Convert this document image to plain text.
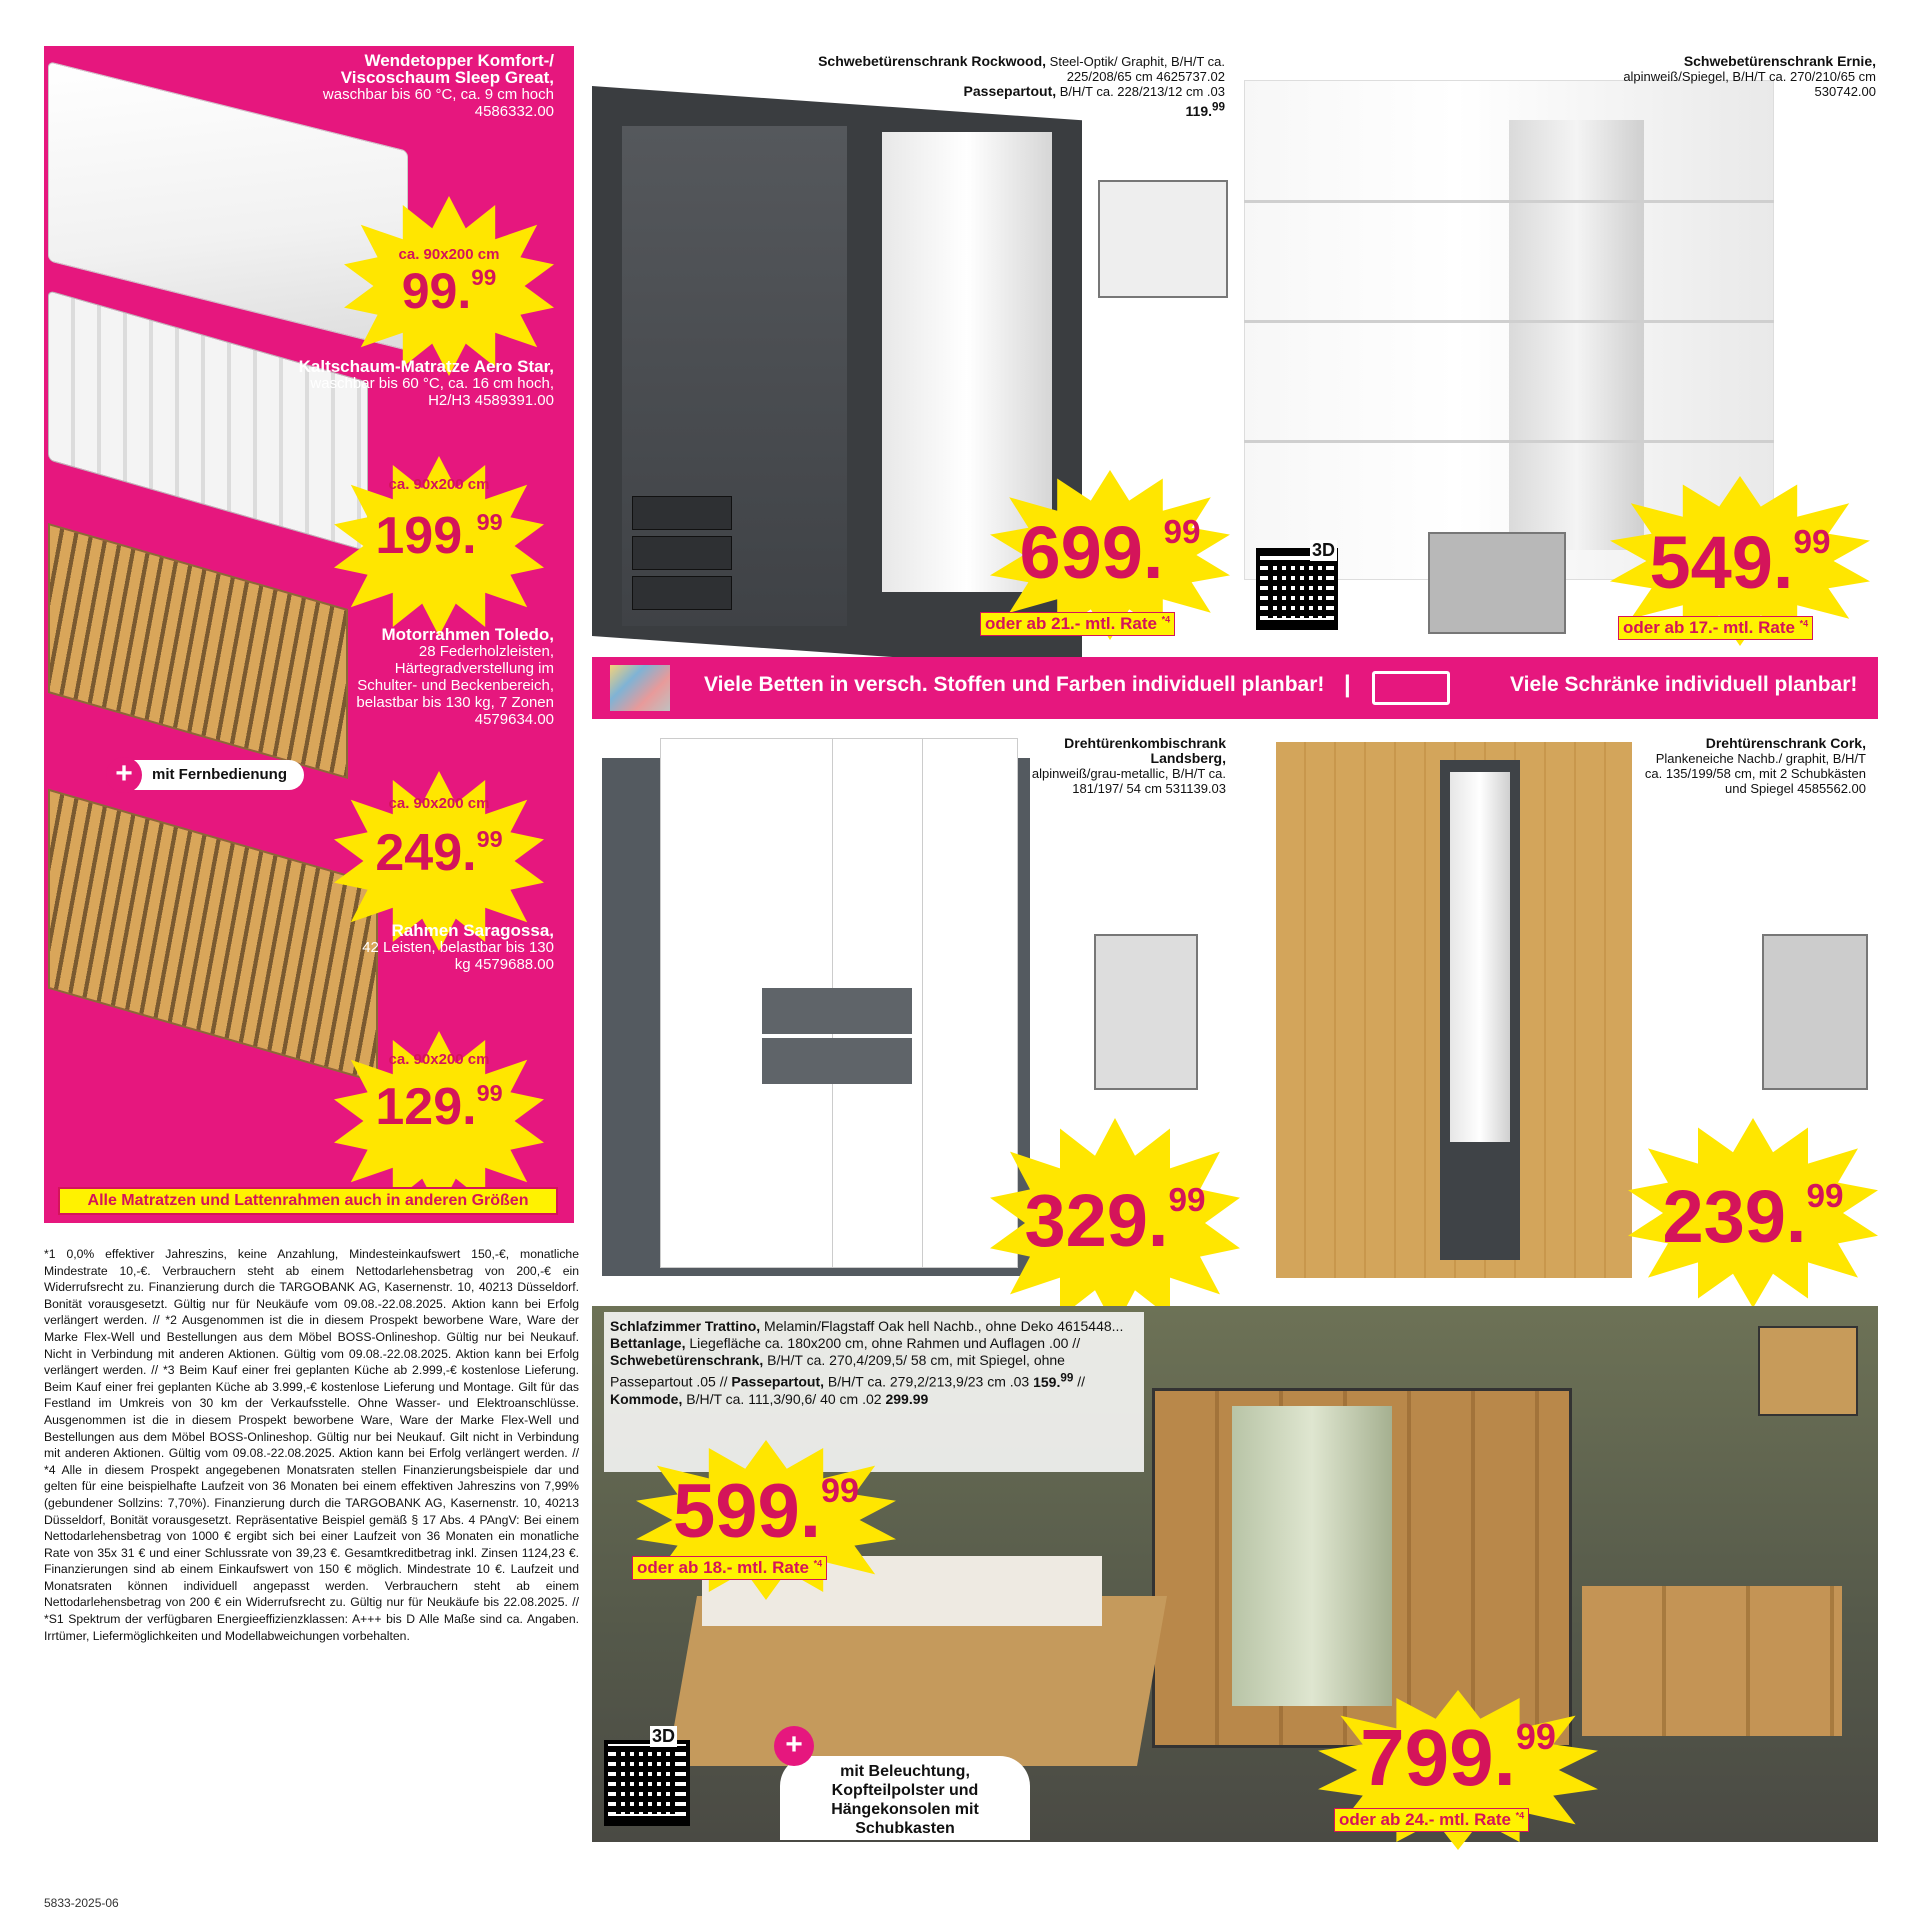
Wendetopper Komfort-/ Viscoschaum Sleep Great,
waschbar bis 60 °C, ca. 9 cm hoch 4586332.00
ca. 90x200 cm
99.99
Kaltschaum-Matratze Aero Star,
waschbar bis 60 °C, ca. 16 cm hoch, H2/H3 4589391.00
ca. 90x200 cm
199.99
Motorrahmen Toledo,
28 Federholzleisten, Härtegradverstellung im Schulter- und Beckenbereich, belastbar bis 130 kg, 7 Zonen 4579634.00
+	mit Fernbedienung
ca. 90x200 cm
249.99
Rahmen Saragossa,
42 Leisten, belastbar bis 130 kg 4579688.00
ca. 90x200 cm
129.99
Alle Matratzen und Lattenrahmen auch in anderen Größen
Schwebetürenschrank Rockwood, Steel-Optik/ Graphit, B/H/T ca. 225/208/65 cm 4625737.02
Passepartout, B/H/T ca. 228/213/12 cm .03
119.99
699.99
oder ab 21.- mtl. Rate $^{*4}$
3D
Schwebetürenschrank Ernie,
alpinweiß/Spiegel, B/H/T ca. 270/210/65 cm 530742.00
549.99
oder ab 17.- mtl. Rate $^{*4}$
Viele Betten in versch. Stoffen und Farben individuell planbar! |	Viele Schränke individuell planbar!
Drehtürenkombischrank Landsberg,
alpinweiß/grau-metallic, B/H/T ca. 181/197/ 54 cm 531139.03
329.99
Drehtürenschrank Cork,
Plankeneiche Nachb./ graphit, B/H/T ca. 135/199/58 cm, mit 2 Schubkästen und Spiegel 4585562.00
239.99
*1 0,0% effektiver Jahreszins, keine Anzahlung, Mindesteinkaufswert 150,-€, monatliche Mindestrate 10,-€. Verbrauchern steht ab einem Nettodarlehensbetrag von 200,-€ ein Widerrufsrecht zu. Finanzierung durch die TARGOBANK AG, Kasernenstr. 10, 40213 Düsseldorf. Bonität vorausgesetzt. Gültig nur für Neukäufe vom 09.08.-22.08.2025. Aktion kann bei Erfolg verlängert werden. // *2 Ausgenommen ist die in diesem Prospekt beworbene Ware, Ware der Marke Flex-Well und Bestellungen aus dem Möbel BOSS-Onlineshop. Gültig nur bei Neukauf. Nicht in Verbindung mit anderen Aktionen. Gültig vom 09.08.-22.08.2025. Aktion kann bei Erfolg verlängert werden. // *3 Beim Kauf einer frei geplanten Küche ab 2.999,-€ kostenlose Lieferung. Beim Kauf einer frei geplanten Küche ab 3.999,-€ kostenlose Lieferung und Montage. Gilt für das Festland im Umkreis von 30 km der Verkaufsstelle. Ohne Wasser- und Elektroanschlüsse. Ausgenommen ist die in diesem Prospekt beworbene Ware, Ware der Marke Flex-Well und Bestellungen aus dem Möbel BOSS-Onlineshop. Gültig nur bei Neukauf. Gilt nicht in Verbindung mit anderen Aktionen. Gültig vom 09.08.-22.08.2025. Aktion kann bei Erfolg verlängert werden. // *4 Alle in diesem Prospekt angegebenen Monatsraten stellen Finanzierungsbeispiele dar und gelten für eine beispielhafte Laufzeit von 36 Monaten bei einem effektiven Jahreszins von 7,99% (gebundener Sollzins: 7,70%). Finanzierung durch die TARGOBANK AG, Kasernenstr. 10, 40213 Düsseldorf, Bonität vorausgesetzt. Repräsentative Beispiel gemäß § 17 Abs. 4 PAngV: Bei einem Nettodarlehensbetrag von 1000 € ergibt sich bei einer Laufzeit von 36 Monaten ein monatliche Rate von 35x 31 € und einer Schlussrate von 39,23 €. Gesamtkreditbetrag inkl. Zinsen 1124,23 €. Finanzierungen sind ab einem Einkaufswert von 150 € möglich. Mindestrate 10 €. Laufzeit und Monatsraten können individuell angepasst werden. Verbrauchern steht ab einem Nettodarlehensbetrag von 200 € ein Widerrufsrecht zu. Gültig nur für Neukäufe bis 22.08.2025. // *S1 Spektrum der verfügbaren Energieeffizienzklassen: A+++ bis D Alle Maße sind ca. Angaben. Irrtümer, Liefermöglichkeiten und Modellabweichungen vorbehalten.
5833-2025-06
Schlafzimmer Trattino, Melamin/Flagstaff Oak hell Nachb., ohne Deko 4615448... Bettanlage, Liegefläche ca. 180x200 cm, ohne Rahmen und Auflagen .00 // Schwebetürenschrank, B/H/T ca. 270,4/209,5/ 58 cm, mit Spiegel, ohne Passepartout .05 // Passepartout, B/H/T ca. 279,2/213,9/23 cm .03 159.99 // Kommode, B/H/T ca. 111,3/90,6/ 40 cm .02 299.99
599.99
oder ab 18.- mtl. Rate $^{*4}$
3D
mit Beleuchtung, Kopfteilpolster und Hängekonsolen mit Schubkasten
+	799.99
oder ab 24.- mtl. Rate $^{*4}$
